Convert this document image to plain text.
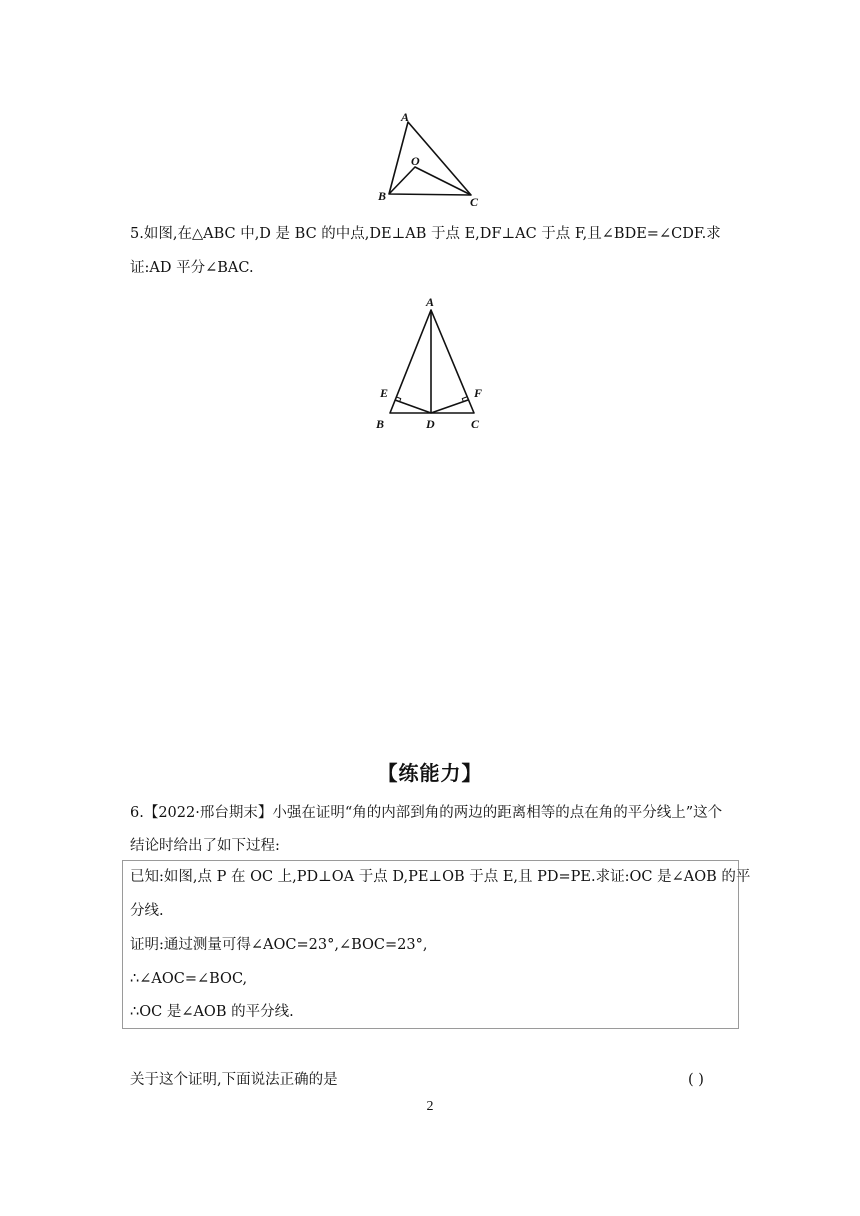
A
O
B	C
5.如图,在△ABC 中,D 是 BC 的中点,DE⊥AB 于点 E,DF⊥AC 于点 F,且∠BDE=∠CDF.求
证:AD 平分∠BAC.
A
E	F
B	D	C
【练能力】
6.【2022·邢台期末】小强在证明“角的内部到角的两边的距离相等的点在角的平分线上”这个
结论时给出了如下过程:
已知:如图,点 P 在 OC 上,PD⊥OA 于点 D,PE⊥OB 于点 E,且 PD=PE.求证:OC 是∠AOB 的平
分线.
证明:通过测量可得∠AOC=23°,∠BOC=23°,
∴∠AOC=∠BOC,
∴OC 是∠AOB 的平分线.
关于这个证明,下面说法正确的是	( )
2
